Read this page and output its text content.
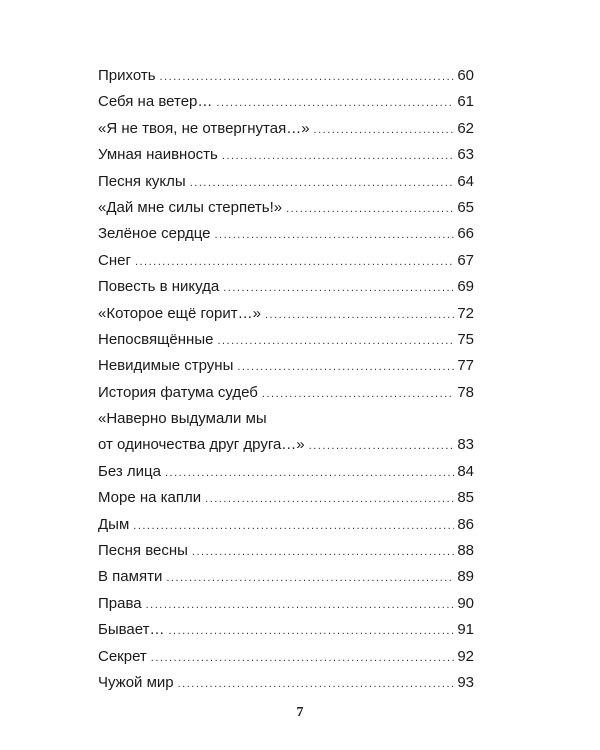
Прихоть .....	60
Себя на ветер… .....	61
«Я не твоя, не отвергнутая…» .....	62
Умная наивность .....	63
Песня куклы .....	64
«Дай мне силы стерпеть!» .....	65
Зелёное сердце .....	66
Снег .....	67
Повесть в никуда .....	69
«Которое ещё горит…» .....	72
Непосвящённые .....	75
Невидимые струны .....	77
История фатума судеб .....	78
«Наверно выдумали мы
от одиночества друг друга…» .....	83
Без лица .....	84
Море на капли .....	85
Дым .....	86
Песня весны .....	88
В памяти .....	89
Права .....	90
Бывает… .....	91
Секрет .....	92
Чужой мир .....	93
7
